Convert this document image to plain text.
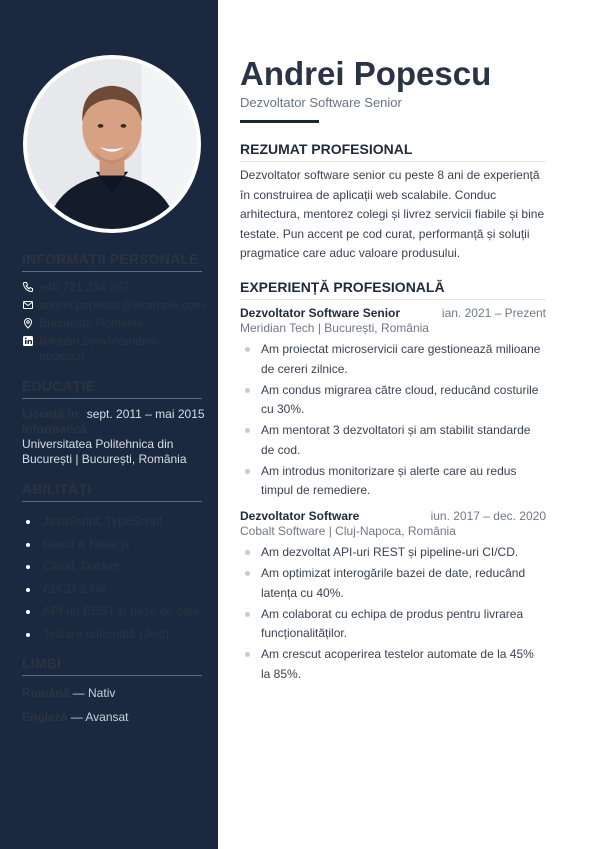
INFORMAȚII PERSONALE
+40 721 234 567
andrei.popescu@example.com
București, România
linkedin.com/in/andrei-popescu
EDUCAȚIE
Licență în Informatică
sept. 2011 – mai 2015
Universitatea Politehnica din București | București, România
ABILITĂȚI
JavaScript, TypeScript
React & Node.js
Cloud, Docker
CI/CD & Git
API-uri REST și baze de date
Testare automată (Jest)
LIMBI
Română — Nativ
Engleză — Avansat
Andrei Popescu
Dezvoltator Software Senior
REZUMAT PROFESIONAL

Dezvoltator software senior cu peste 8 ani de experiență în construirea de aplicații web scalabile. Conduc arhitectura, mentorez colegi și livrez servicii fiabile și bine testate. Pun accent pe cod curat, performanță și soluții pragmatice care aduc valoare produsului.

EXPERIENȚĂ PROFESIONALĂ
Dezvoltator Software Senior	ian. 2021 – Prezent
Meridian Tech | București, România
Am proiectat microservicii care gestionează milioane de cereri zilnice.
Am condus migrarea către cloud, reducând costurile cu 30%.
Am mentorat 3 dezvoltatori și am stabilit standarde de cod.
Am introdus monitorizare și alerte care au redus timpul de remediere.
Dezvoltator Software	iun. 2017 – dec. 2020
Cobalt Software | Cluj-Napoca, România
Am dezvoltat API-uri REST și pipeline-uri CI/CD.
Am optimizat interogările bazei de date, reducând latența cu 40%.
Am colaborat cu echipa de produs pentru livrarea funcționalităților.
Am crescut acoperirea testelor automate de la 45% la 85%.
